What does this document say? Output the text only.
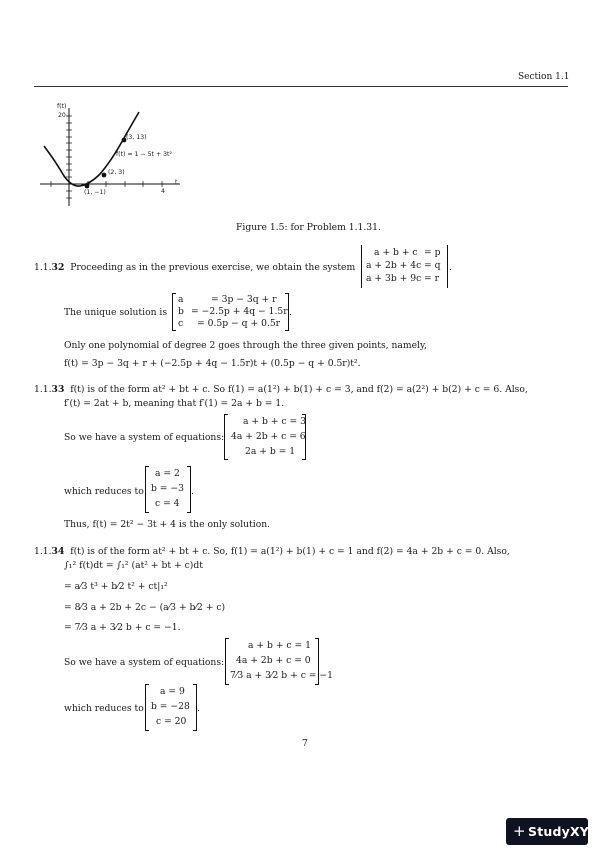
Section 1.1
f(t)
20
(3, 13)
f(t) = 1 − 5t + 3t²
(2, 3)
t
(1, −1)	4
Figure 1.5: for Problem 1.1.31.
1.1.32 Proceeding as in the previous exercise, we obtain the system
a + b + c = p
a + 2b + 4c = q
a + 3b + 9c = r
.
The unique solution is
a	= 3p − 3q + r
b = −2.5p + 4q − 1.5r
c = 0.5p − q + 0.5r
.
Only one polynomial of degree 2 goes through the three given points, namely,
f(t) = 3p − 3q + r + (−2.5p + 4q − 1.5r)t + (0.5p − q + 0.5r)t².
1.1.33 f(t) is of the form at² + bt + c. So f(1) = a(1²) + b(1) + c = 3, and f(2) = a(2²) + b(2) + c = 6. Also,
f′(t) = 2at + b, meaning that f′(1) = 2a + b = 1.
So we have a system of equations:
a + b + c = 3
4a + 2b + c = 6
2a + b = 1
which reduces to
a = 2
b = −3
c = 4
.
Thus, f(t) = 2t² − 3t + 4 is the only solution.
1.1.34 f(t) is of the form at² + bt + c. So, f(1) = a(1²) + b(1) + c = 1 and f(2) = 4a + 2b + c = 0. Also,
∫₁² f(t)dt = ∫₁² (at² + bt + c)dt
= a⁄3 t³ + b⁄2 t² + ct|₁²
= 8⁄3 a + 2b + 2c − (a⁄3 + b⁄2 + c)
= 7⁄3 a + 3⁄2 b + c = −1.
So we have a system of equations:
a + b + c = 1
4a + 2b + c = 0
7⁄3 a + 3⁄2 b + c = −1
which reduces to
a = 9
b = −28
c = 20
.
7
+ StudyXY
